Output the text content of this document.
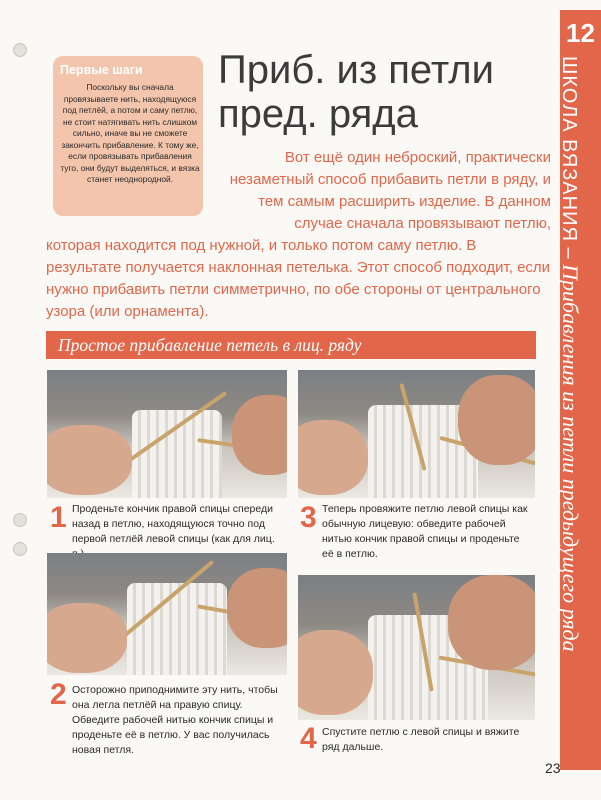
12
ШКОЛА ВЯЗАНИЯ – Прибавления из петли предыдущего ряда
Первые шаги
Поскольку вы сначала провязываете нить, находящуюся под петлёй, а потом и саму петлю, не стоит натягивать нить слишком сильно, иначе вы не сможете закончить прибавление. К тому же, если провязывать прибавления туго, они будут выделяться, и вязка станет неоднородной.
Приб. из петли
пред. ряда
Вот ещё один неброский, практически незаметный способ прибавить петли в ряду, и тем самым расширить изделие. В данном случае сначала провязывают петлю,
которая находится под нужной, и только потом саму петлю. В результате получается наклонная петелька. Этот способ подходит, если нужно прибавить петли симметрично, по обе стороны от центрального узора (или орнамента).
Простое прибавление петель в лиц. ряду
1 Проденьте кончик правой спицы спереди назад в петлю, находящуюся точно под первой петлёй левой спицы (как для лиц.
2 Осторожно приподнимите эту нить, чтобы она легла петлёй на правую спицу. Обведите рабочей нитью кончик спицы и проденьте её в петлю. У вас получилась новая петля.
3 Теперь провяжите петлю левой спицы как обычную лицевую: обведите рабочей нитью кончик правой спицы и проденьте её в петлю.
4 Спустите петлю с левой спицы и вяжите ряд дальше.
23
